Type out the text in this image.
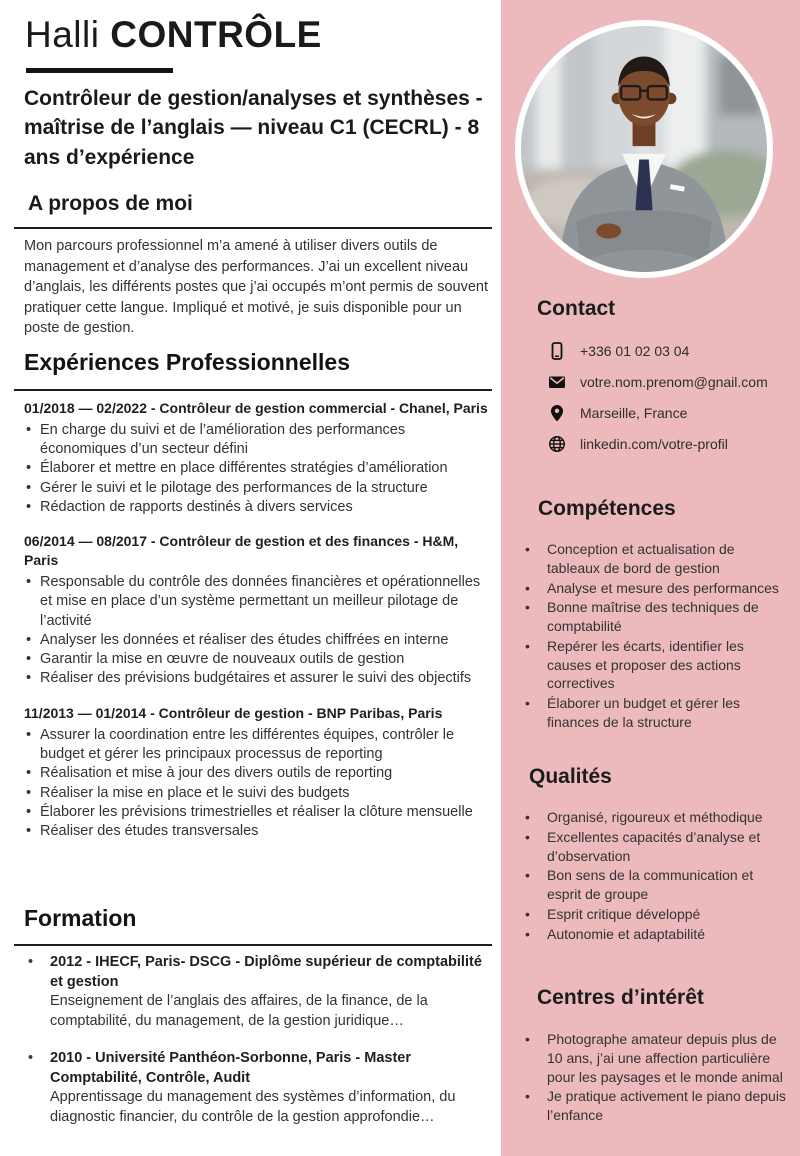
Halli CONTRÔLE
Contrôleur de gestion/analyses et synthèses - maîtrise de l’anglais — niveau C1 (CECRL) - 8 ans d’expérience
A propos de moi
Mon parcours professionnel m’a amené à utiliser divers outils de management et d’analyse des performances. J’ai un excellent niveau d’anglais, les différents postes que j’ai occupés m’ont permis de souvent pratiquer cette langue. Impliqué et motivé, je suis disponible pour un poste de gestion.
Expériences Professionnelles
01/2018 — 02/2022 - Contrôleur de gestion commercial - Chanel, Paris
• En charge du suivi et de l’amélioration des performances économiques d’un secteur défini
• Élaborer et mettre en place différentes stratégies d’amélioration
• Gérer le suivi et le pilotage des performances de la structure
• Rédaction de rapports destinés à divers services
06/2014 — 08/2017 - Contrôleur de gestion et des finances - H&M, Paris
• Responsable du contrôle des données financières et opérationnelles et mise en place d’un système permettant un meilleur pilotage de l’activité
• Analyser les données et réaliser des études chiffrées en interne
• Garantir la mise en œuvre de nouveaux outils de gestion
• Réaliser des prévisions budgétaires et assurer le suivi des objectifs
11/2013 — 01/2014 - Contrôleur de gestion - BNP Paribas, Paris
• Assurer la coordination entre les différentes équipes, contrôler le budget et gérer les principaux processus de reporting
• Réalisation et mise à jour des divers outils de reporting
• Réaliser la mise en place et le suivi des budgets
• Élaborer les prévisions trimestrielles et réaliser la clôture mensuelle
• Réaliser des études transversales
Formation
•	2012 - IHECF, Paris- DSCG - Diplôme supérieur de comptabilité et gestion
Enseignement de l’anglais des affaires, de la finance, de la comptabilité, du management, de la gestion juridique…
•	2010 - Université Panthéon-Sorbonne, Paris - Master Comptabilité, Contrôle, Audit
Apprentissage du management des systèmes d’information, du diagnostic financier, du contrôle de la gestion approfondie…
Contact
+336 01 02 03 04
votre.nom.prenom@gnail.com
Marseille, France
linkedin.com/votre-profil
Compétences
•	Conception et actualisation de tableaux de bord de gestion
•	Analyse et mesure des performances
•	Bonne maîtrise des techniques de comptabilité
•	Repérer les écarts, identifier les causes et proposer des actions correctives
•	Élaborer un budget et gérer les finances de la structure
Qualités
•	Organisé, rigoureux et méthodique
•	Excellentes capacités d’analyse et d’observation
•	Bon sens de la communication et esprit de groupe
•	Esprit critique développé
•	Autonomie et adaptabilité
Centres d’intérêt
•	Photographe amateur depuis plus de 10 ans, j’ai une affection particulière pour les paysages et le monde animal
•	Je pratique activement le piano depuis l’enfance
